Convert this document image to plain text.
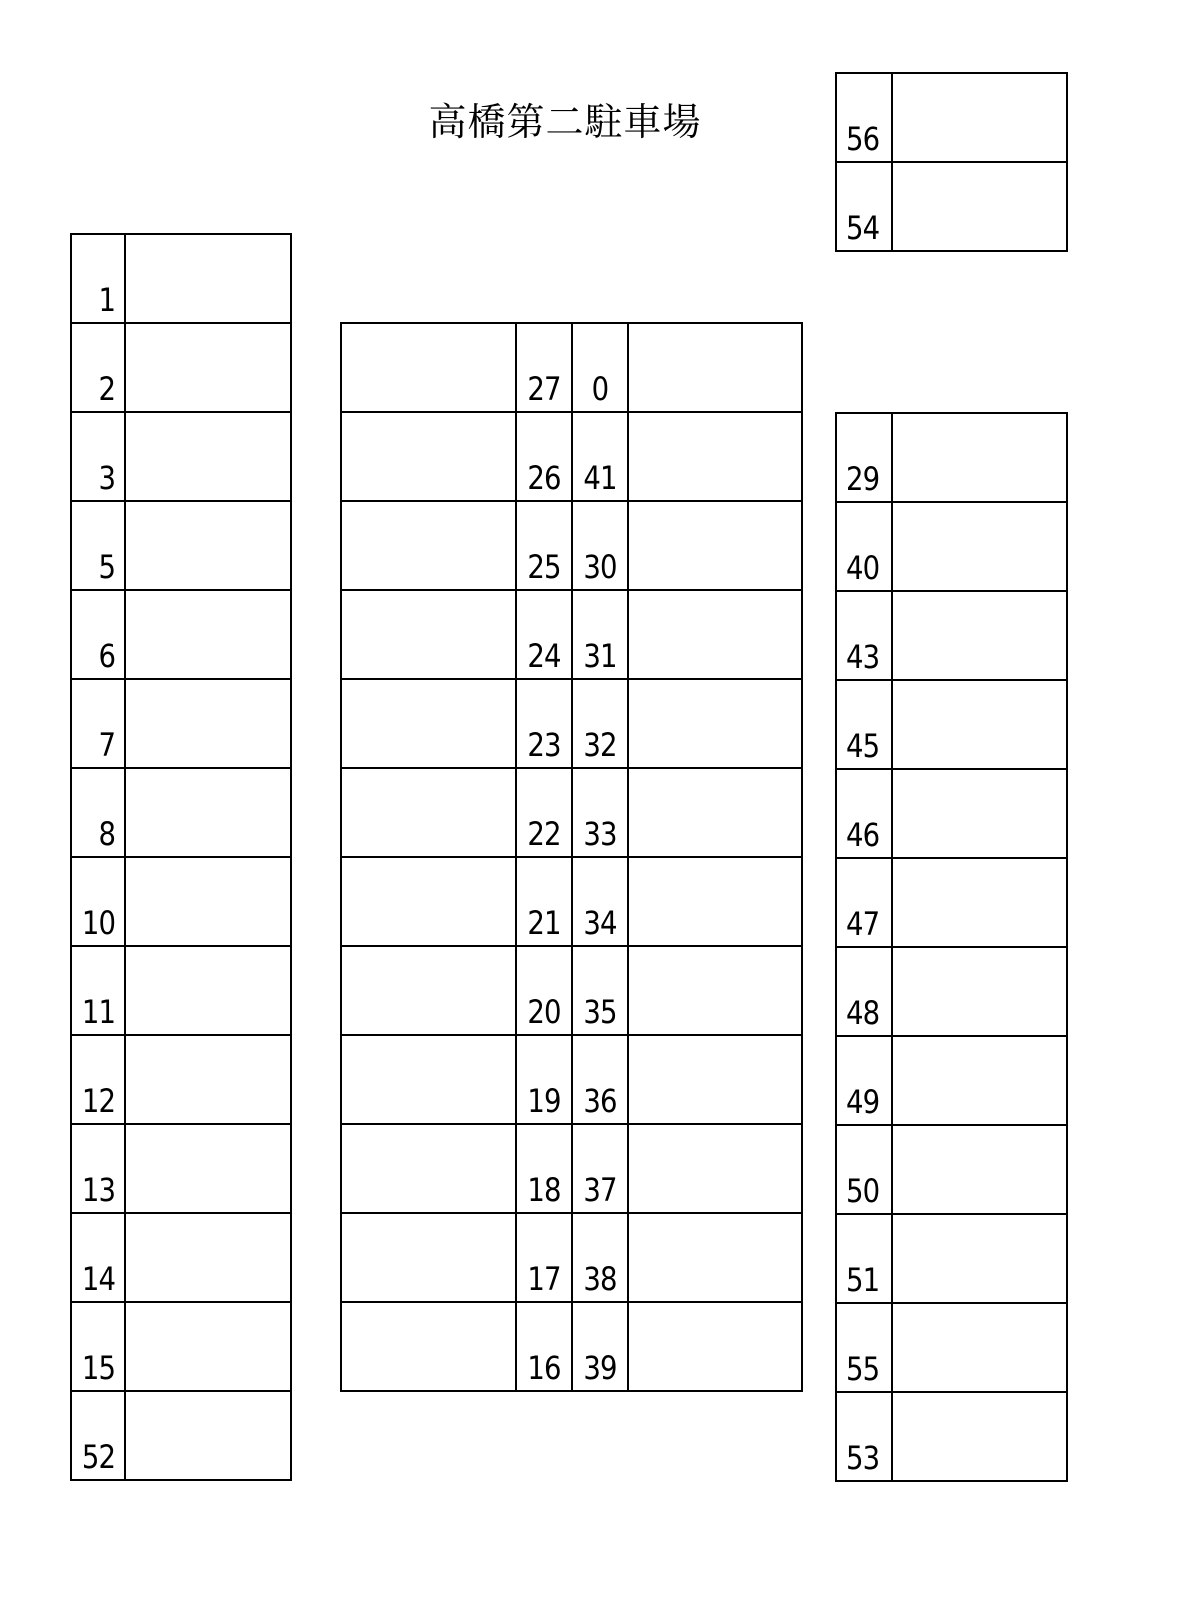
高橋第二駐車場
1	
2	
3	
5	
6	
7	
8	
10	
11	
12	
13	
14	
15	
52	
	27	0	
	26	41	
	25	30	
	24	31	
	23	32	
	22	33	
	21	34	
	20	35	
	19	36	
	18	37	
	17	38	
	16	39	
56	
54	
29	
40	
43	
45	
46	
47	
48	
49	
50	
51	
55	
53	
